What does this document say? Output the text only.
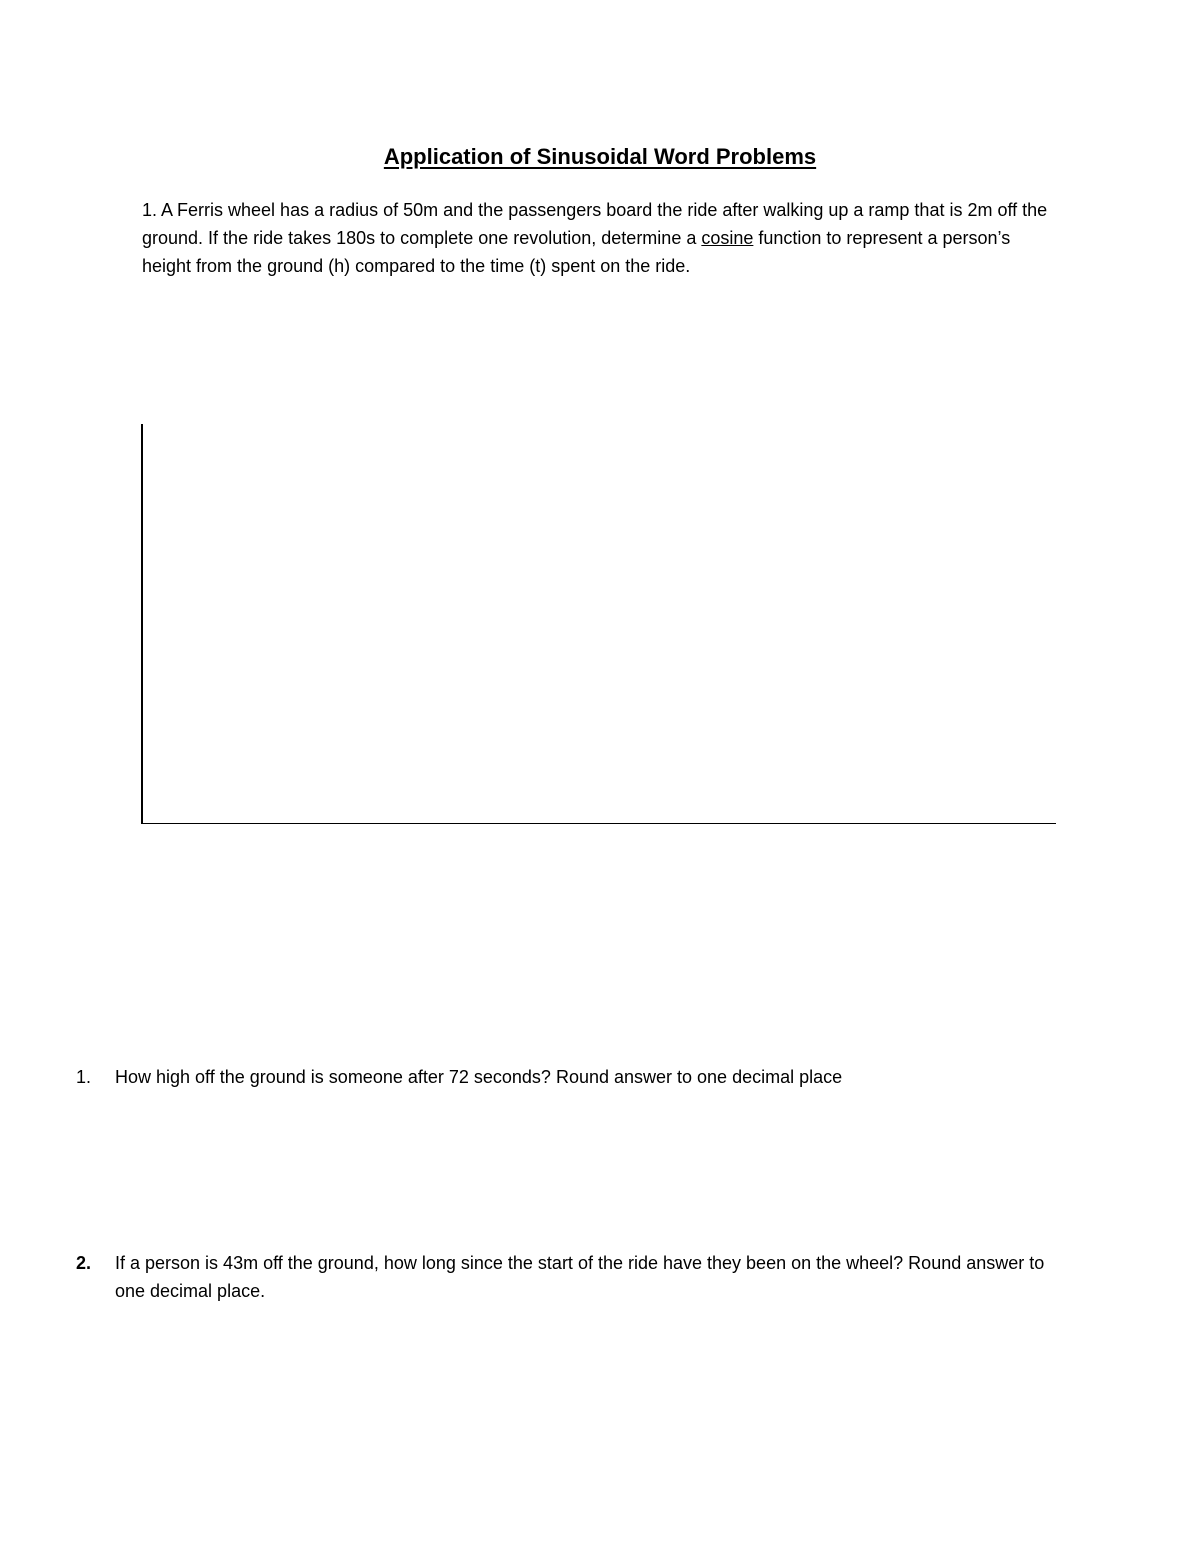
Application of Sinusoidal Word Problems

1. A Ferris wheel has a radius of 50m and the passengers board the ride after walking up a ramp that is 2m off the ground. If the ride takes 180s to complete one revolution, determine a cosine function to represent a person’s height from the ground (h) compared to the time (t) spent on the ride.

1.	How high off the ground is someone after 72 seconds? Round answer to one decimal place
2.	If a person is 43m off the ground, how long since the start of the ride have they been on the wheel? Round answer to one decimal place.
